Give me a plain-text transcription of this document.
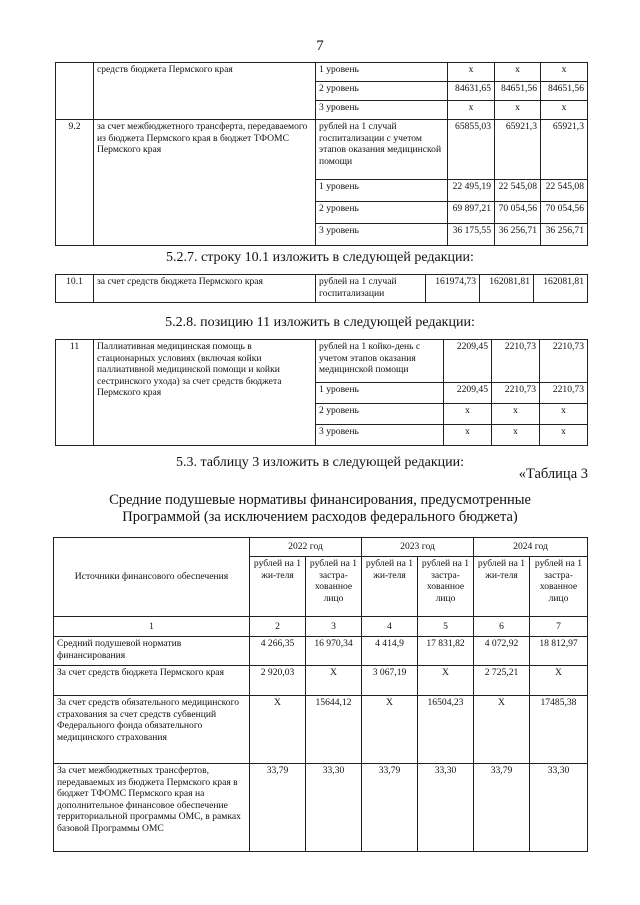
7
	средств бюджета Пермского края	1 уровень	х	х	х
		2 уровень	84631,65	84651,56	84651,56
		3 уровень	х	х	х
9.2	за счет межбюджетного трансферта, передаваемого из бюджета Пермского края в бюджет ТФОМС Пермского края	рублей на 1 случай госпитализации с учетом этапов оказания медицинской помощи	65855,03	65921,3	65921,3
		1 уровень	22 495,19	22 545,08	22 545,08
		2 уровень	69 897,21	70 054,56	70 054,56
		3 уровень	36 175,55	36 256,71	36 256,71
5.2.7. строку 10.1 изложить в следующей редакции:
10.1	за счет средств бюджета Пермского края	рублей на 1 случай госпитализации	161974,73	162081,81	162081,81
5.2.8. позицию 11 изложить в следующей редакции:
11	Паллиативная медицинская помощь в стационарных условиях (включая койки паллиативной медицинской помощи и койки сестринского ухода) за счет средств бюджета Пермского края	рублей на 1 койко-день с учетом этапов оказания медицинской помощи	2209,45	2210,73	2210,73
		1 уровень	2209,45	2210,73	2210,73
		2 уровень	х	х	х
		3 уровень	х	х	х
5.3. таблицу 3 изложить в следующей редакции:
«Таблица 3
Средние подушевые нормативы финансирования, предусмотренные
Программой (за исключением расходов федерального бюджета)
Источники финансового обеспечения	2022 год		2023 год		2024 год	
	рублей на 1 жи-теля	рублей на 1 застра-хованное лицо	рублей на 1 жи-теля	рублей на 1 застра-хованное лицо	рублей на 1 жи-теля	рублей на 1 застра-хованное лицо
1	2	3	4	5	6	7
Средний подушевой норматив финансирования	4 266,35	16 970,34	4 414,9	17 831,82	4 072,92	18 812,97
За счет средств бюджета Пермского края	2 920,03	Х	3 067,19	Х	2 725,21	Х
За счет средств обязательного медицинского страхования за счет средств субвенций Федерального фонда обязательного медицинского страхования	Х	15644,12	Х	16504,23	Х	17485,38
За счет межбюджетных трансфертов, передаваемых из бюджета Пермского края в бюджет ТФОМС Пермского края на дополнительное финансовое обеспечение территориальной программы ОМС, в рамках базовой Программы ОМС	33,79	33,30	33,79	33,30	33,79	33,30
